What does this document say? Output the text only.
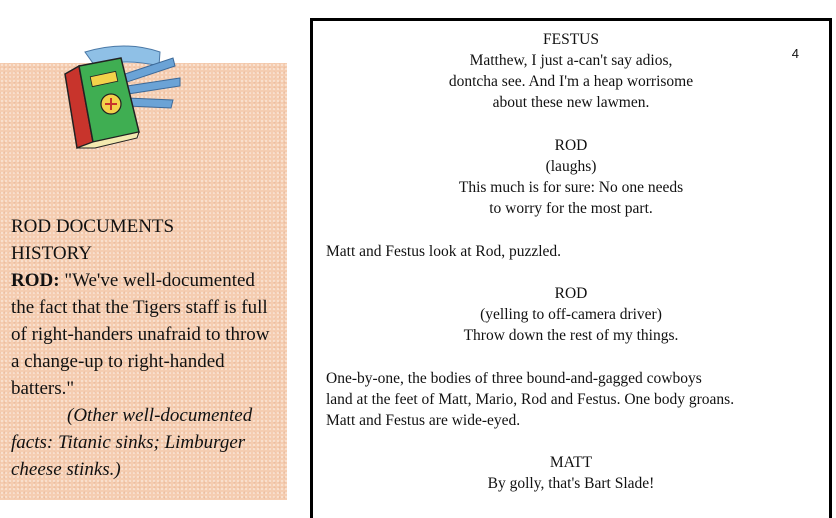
ROD DOCUMENTS

HISTORY

ROD: "We've well-documented the fact that the Tigers staff is full of right-handers unafraid to throw a change-up to right-handed batters."

(Other well-documented facts: Titanic sinks; Limburger cheese stinks.)

4

FESTUS

Matthew, I just a-can't say adios,

dontcha see. And I'm a heap worrisome

about these new lawmen.

ROD

(laughs)

This much is for sure: No one needs

to worry for the most part.

Matt and Festus look at Rod, puzzled.

ROD

(yelling to off-camera driver)

Throw down the rest of my things.

One-by-one, the bodies of three bound-and-gagged cowboys

land at the feet of Matt, Mario, Rod and Festus. One body groans.

Matt and Festus are wide-eyed.

MATT

By golly, that's Bart Slade!
